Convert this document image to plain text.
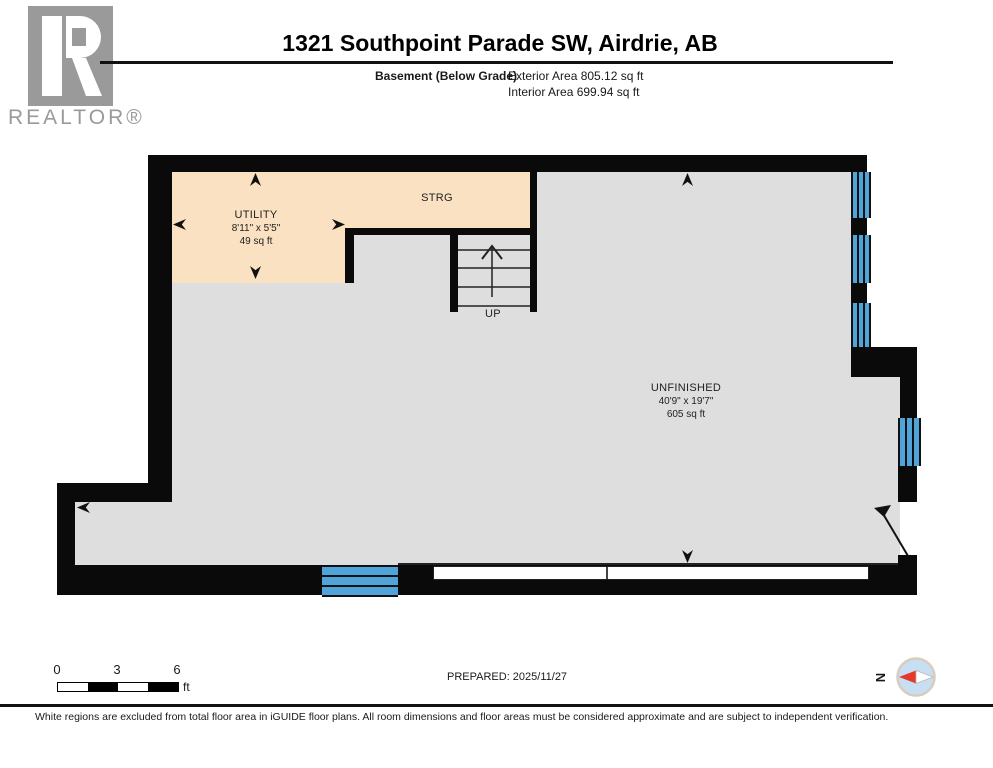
REALTOR®
1321 Southpoint Parade SW, Airdrie, AB
Basement (Below Grade)
Exterior Area 805.12 sq ft
Interior Area 699.94 sq ft
UTILITY
8'11" x 5'5"
49 sq ft
STRG
UNFINISHED
40'9" x 19'7"
605 sq ft
UP
0	3	6
ft
PREPARED: 2025/11/27	N
White regions are excluded from total floor area in iGUIDE floor plans. All room dimensions and floor areas must be considered approximate and are subject to independent verification.
